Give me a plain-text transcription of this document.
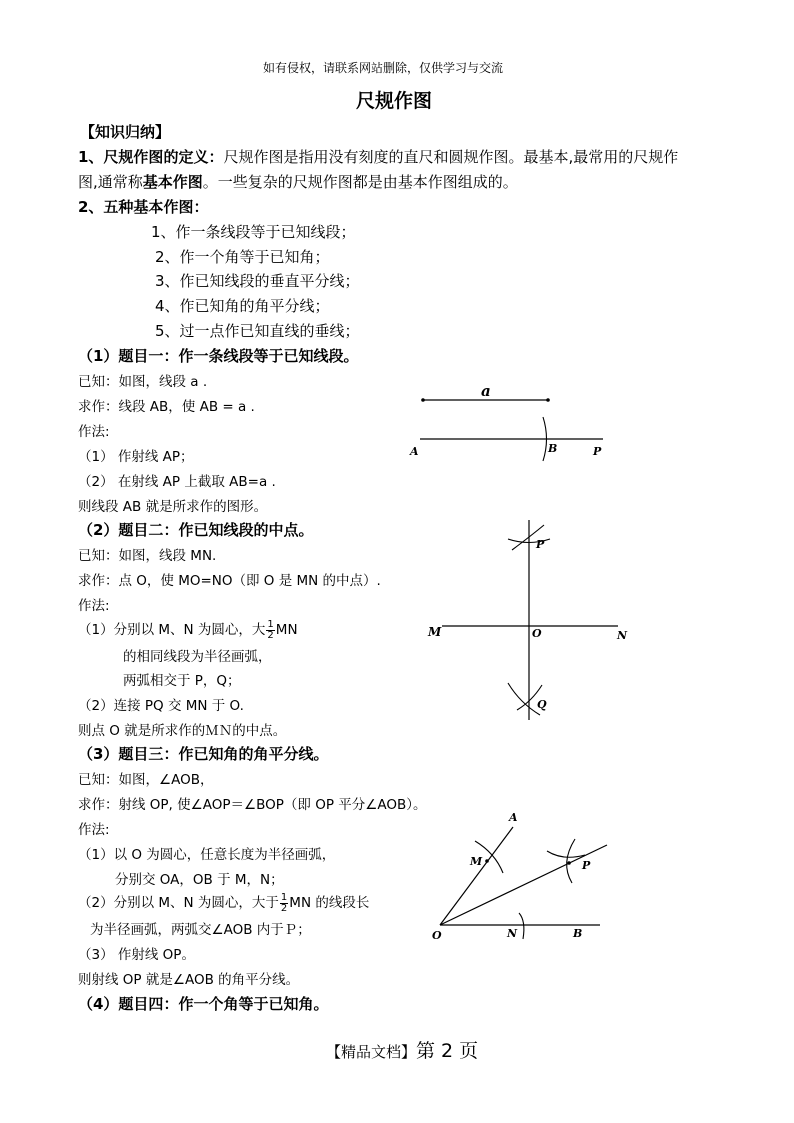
如有侵权，请联系网站删除，仅供学习与交流
尺规作图
【知识归纳】
1、尺规作图的定义：尺规作图是指用没有刻度的直尺和圆规作图。最基本,最常用的尺规作
图,通常称基本作图。一些复杂的尺规作图都是由基本作图组成的。
2、五种基本作图：
1、作一条线段等于已知线段；
2、作一个角等于已知角；
3、作已知线段的垂直平分线；
4、作已知角的角平分线；
5、过一点作已知直线的垂线；
（1）题目一：作一条线段等于已知线段。
已知：如图，线段 a .
求作：线段 AB，使 AB = a .
作法:
（1） 作射线 AP；
（2） 在射线 AP 上截取 AB=a .
则线段 AB 就是所求作的图形。
a
A	B	P
（2）题目二：作已知线段的中点。
已知：如图，线段 MN.
求作：点 O，使 MO=NO（即 O 是 MN 的中点）.
作法:
（1）分别以 M、N 为圆心，大 $\frac{1}{2}$ MN
的相同线段为半径画弧，
两弧相交于 P，Q；
（2）连接 PQ 交 MN 于 O.
则点 O 就是所求作的ＭＮ的中点。
P
M	O	N
Q
（3）题目三：作已知角的角平分线。
已知：如图，∠AOB，
求作：射线 OP, 使∠AOP＝∠BOP（即 OP 平分∠AOB）。
作法:
（1）以 O 为圆心，任意长度为半径画弧，
分别交 OA，OB 于 M，N；
（2）分别以 M、N 为圆心，大于 $\frac{1}{2}$ MN 的线段长
为半径画弧，两弧交∠AOB 内于Ｐ；
（3） 作射线 OP。
则射线 OP 就是∠AOB 的角平分线。
A
M	P
O	N	B
（4）题目四：作一个角等于已知角。
【精品文档】第 2 页
